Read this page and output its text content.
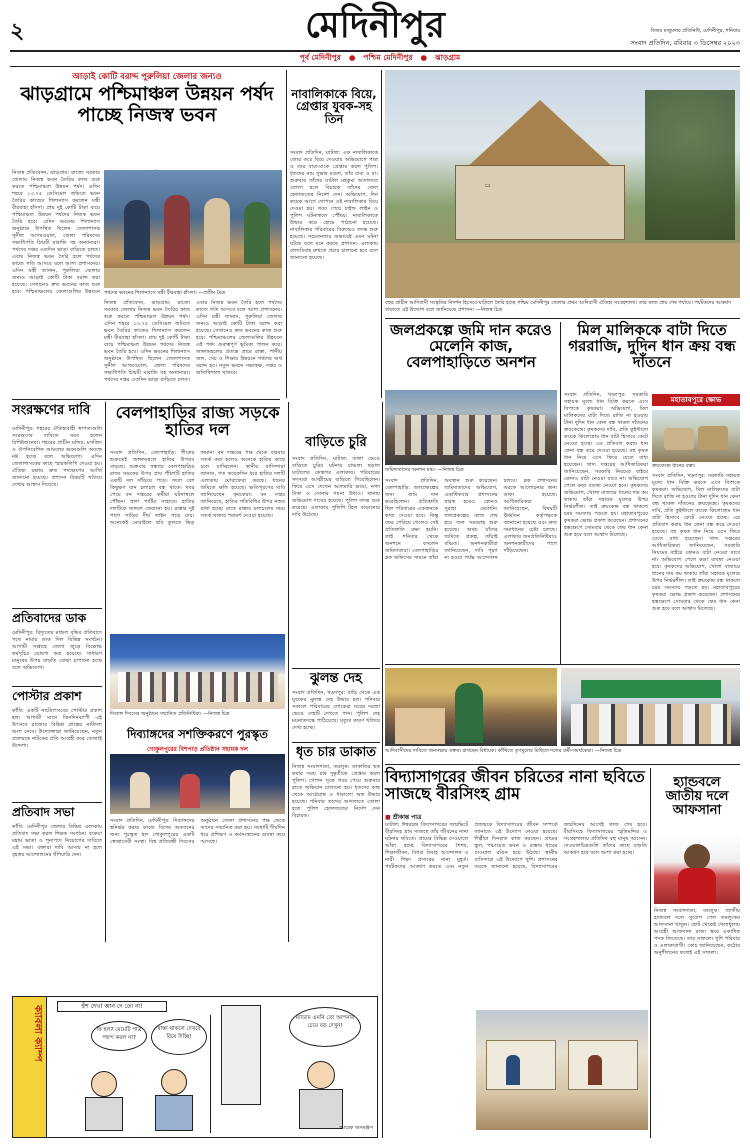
২	মেদিনীপুর	বিজয় মজুমদার প্রতিনিধি, মেদিনীপুর, শনিবার
সংবাদ প্রতিদিন, রবিবার ৩ ডিসেম্বর ২০২৩
পূর্ব মেদিনীপুর ● পশ্চিম মেদিনীপুর ● ঝাড়গ্রাম
আড়াই কোটি বরাদ্দ পুরুলিয়া জেলার জন্যও
ঝাড়গ্রামে পশ্চিমাঞ্চল উন্নয়ন পর্ষদ পাচ্ছে নিজস্ব ভবন
নিজস্ব প্রতিবেদন, ঝাড়গ্রাম: রাজ্যে সরকার জেলায় নিজস্ব ভবন তৈরির কাজ শুরু করতে পশ্চিমাঞ্চল উন্নয়ন পর্ষদ। এদিন শহরে ১৩.৭৫ ডেসিমেল জমিতে ভবন তৈরির কাজের শিলান্যাস করলেন মন্ত্রী বীরবাহা হাঁসদা। প্রায় দুই কোটি টাকা ব্যয়ে পশ্চিমাঞ্চল উন্নয়ন পর্ষদের নিজস্ব ভবন তৈরি হবে। এদিন ভবনের শিলান্যাস অনুষ্ঠানে উপস্থিত ছিলেন জেলাশাসক সুনীল আগরওয়াল, জেলা পরিষদের সভাধিপতি চিন্ময়ী মারান্ডি সহ অন্যান্যরা। পর্ষদের দপ্তর এতদিন ভাড়া বাড়িতে চলত। এবার নিজস্ব ভবন তৈরি হলে পর্ষদের কাজে গতি আসবে বলে আশা প্রশাসনের। এদিন মন্ত্রী জানান, পুরুলিয়া জেলার জন্যও আড়াই কোটি টাকা বরাদ্দ করা হয়েছে। সেখানেও দ্রুত ভবনের কাজ শুরু হবে। পশ্চিমাঞ্চলের জেলাগুলির উন্নয়নে পর্ষদের ভবনের শিলান্যাসে মন্ত্রী বীরবাহা হাঁসদা। —প্রতীম মৈত্র
নিজস্ব প্রতিবেদন, ঝাড়গ্রাম: রাজ্যে সরকার জেলায় নিজস্ব ভবন তৈরির কাজ শুরু করতে পশ্চিমাঞ্চল উন্নয়ন পর্ষদ। এদিন শহরে ১৩.৭৫ ডেসিমেল জমিতে ভবন তৈরির কাজের শিলান্যাস করলেন মন্ত্রী বীরবাহা হাঁসদা। প্রায় দুই কোটি টাকা ব্যয়ে পশ্চিমাঞ্চল উন্নয়ন পর্ষদের নিজস্ব ভবন তৈরি হবে। এদিন ভবনের শিলান্যাস অনুষ্ঠানে উপস্থিত ছিলেন জেলাশাসক সুনীল আগরওয়াল, জেলা পরিষদের সভাধিপতি চিন্ময়ী মারান্ডি সহ অন্যান্যরা। পর্ষদের দপ্তর এতদিন ভাড়া বাড়িতে চলত। এবার নিজস্ব ভবন তৈরি হলে পর্ষদের কাজে গতি আসবে বলে আশা প্রশাসনের। এদিন মন্ত্রী জানান, পুরুলিয়া জেলার জন্যও আড়াই কোটি টাকা বরাদ্দ করা হয়েছে। সেখানেও দ্রুত ভবনের কাজ শুরু হবে। পশ্চিমাঞ্চলের জেলাগুলির উন্নয়নে এই পর্ষদ গুরুত্বপূর্ণ ভূমিকা পালন করে। জঙ্গলমহলের প্রত্যন্ত গ্রামে রাস্তা, পানীয় জল, সেচ ও শিক্ষার উন্নয়নে পর্ষদের অর্থ বরাদ্দ হয়। নতুন ভবনে সভাকক্ষ, দপ্তর ও অতিথিশালা থাকবে।
নাবালিকাকে বিয়ে, গ্রেপ্তার যুবক-সহ তিন
সংবাদ প্রতিদিন, ঘাটাল: এক নাবালিকাকে জোর করে বিয়ে দেওয়ার অভিযোগে পাত্র ও তার বাবা-মাকে গ্রেপ্তার করল পুলিশ। ধৃতদের নাম সুভাষ মণ্ডল, তাঁর বাবা ও মা। শুক্রবার তাঁদের ঘাটাল মহকুমা আদালতে তোলা হলে বিচারক তাঁদের জেল হেফাজতের নির্দেশ দেন। অভিযোগ, দিন কয়েক আগে গোপনে ওই নাবালিকার বিয়ে দেওয়া হয়। খবর পেয়ে চাইল্ড লাইন ও পুলিশ ঘটনাস্থলে পৌঁছয়। নাবালিকাকে উদ্ধার করে হোমে পাঠানো হয়েছে। নাবালিকার পরিবারের বিরুদ্ধেও তদন্ত শুরু হয়েছে। সচেতনতার অভাবেই এমন ঘটনা ঘটছে বলে মনে করছে প্রশাসন। এলাকায় বাল্যবিবাহ রুখতে প্রচার চালানো হবে বলে জানানো হয়েছে।
▭
বহুর প্রাচীন আদিবাসী সংস্কৃতির নিদর্শন হিসেবে ঘাটালে তৈরি হচ্ছে পশ্চিম মেদিনীপুর জেলার প্রথম আদিবাসী ঐতিহ্য সংগ্রহশালা। তার কাজ প্রায় শেষ পর্যায়ে। পর্যটকদের আকর্ষণ বাড়াতে এই উদ্যোগ বলে জানিয়েছে প্রশাসন। —নিজস্ব চিত্র
জলপ্রকল্পে জমি দান করেও মেলেনি কাজ, বেলপাহাড়িতে অনশন
জমিদাতাদের অনশন মঞ্চ। —নিজস্ব চিত্র
সংবাদ প্রতিদিন, বেলপাহাড়ি: জলপ্রকল্পের জন্য জমি দান করেছিলেন। প্রতিশ্রুতি ছিল পরিবারের একজনকে কাজ দেওয়া হবে। কিন্তু বছর পেরিয়ে গেলেও সেই প্রতিশ্রুতি রক্ষা হয়নি। তাই শনিবার থেকে অনশনে বসলেন জমিদাতারা। বেলপাহাড়ির ব্লক অফিসের সামনে তাঁরা অবস্থান শুরু করেছেন। জমিদাতাদের অভিযোগ, একাধিকবার প্রশাসনের দ্বারস্থ হয়েও কোনও সুরাহা মেলেনি। জলপ্রকল্পের কাজ শেষ হয়ে জল সরবরাহ শুরু হয়েছে। অথচ যাঁদের জমিতে প্রকল্প, তাঁরাই বঞ্চিত। অনশনকারীরা জানিয়েছেন, দাবি পূরণ না হওয়া পর্যন্ত আন্দোলন চলবে। ব্লক প্রশাসনের তরফে আলোচনার জন্য ডাকা হয়েছে। আধিকারিকরা জানিয়েছেন, বিষয়টি ঊর্ধ্বতন কর্তৃপক্ষকে জানানো হয়েছে এবং দ্রুত সমাধানের চেষ্টা চলছে। এলাকার জনপ্রতিনিধিরাও অনশনকারীদের পাশে দাঁড়িয়েছেন।
মিল মালিককে বাটা দিতে গররাজি, দুদিন ধান ক্রয় বন্ধ দাঁতনে
সংবাদ প্রতিদিন, খড়্গপুর: সরকারি সহায়ক মূল্যে ধান বিক্রি করতে এসে বিপাকে কৃষকরা। অভিযোগ, মিল মালিকদের বাটা দিতে রাজি না হওয়ায় টানা দুদিন ধান কেনা বন্ধ থাকল দাঁতনের ক্রয়কেন্দ্রে। কৃষকদের দাবি, প্রতি কুইন্টালে কয়েক কিলোগ্রাম ধান বাটা হিসাবে কেটে নেওয়া হচ্ছে। এর প্রতিবাদ করায় ধান কেনা বন্ধ করে দেওয়া হয়েছে। বহু কৃষক ধান নিয়ে এসে ফিরে যেতে বাধ্য হয়েছেন। খাদ্য দপ্তরের আধিকারিকরা জানিয়েছেন, সরকারি নিয়মের বাইরে কোনও বাটা নেওয়া যাবে না। অভিযোগ পেলে কড়া ব্যবস্থা নেওয়া হবে। কৃষকদের অভিযোগ, খোলা বাজারে ধানের দাম কম থাকায় তাঁরা সহায়ক মূল্যের উপর নির্ভরশীল। তাই ক্রয়কেন্দ্র বন্ধ থাকলে চরম সমস্যায় পড়তে হয়। মহাতাবপুরের কৃষকরা ক্ষোভ প্রকাশ করেছেন। প্রশাসনের হস্তক্ষেপে সোমবার থেকে ফের ধান কেনা শুরু হবে বলে আশ্বাস মিলেছে।
মহাতাবপুরে ক্ষোভ
ক্রয়কেন্দ্রে ধানের বস্তা।
সংবাদ প্রতিদিন, খড়্গপুর: সরকারি সহায়ক মূল্যে ধান বিক্রি করতে এসে বিপাকে কৃষকরা। অভিযোগ, মিল মালিকদের বাটা দিতে রাজি না হওয়ায় টানা দুদিন ধান কেনা বন্ধ থাকল দাঁতনের ক্রয়কেন্দ্রে। কৃষকদের দাবি, প্রতি কুইন্টালে কয়েক কিলোগ্রাম ধান বাটা হিসাবে কেটে নেওয়া হচ্ছে। এর প্রতিবাদ করায় ধান কেনা বন্ধ করে দেওয়া হয়েছে। বহু কৃষক ধান নিয়ে এসে ফিরে যেতে বাধ্য হয়েছেন। খাদ্য দপ্তরের আধিকারিকরা জানিয়েছেন, সরকারি নিয়মের বাইরে কোনও বাটা নেওয়া যাবে না। অভিযোগ পেলে কড়া ব্যবস্থা নেওয়া হবে। কৃষকদের অভিযোগ, খোলা বাজারে ধানের দাম কম থাকায় তাঁরা সহায়ক মূল্যের উপর নির্ভরশীল। তাই ক্রয়কেন্দ্র বন্ধ থাকলে চরম সমস্যায় পড়তে হয়। মহাতাবপুরের কৃষকরা ক্ষোভ প্রকাশ করেছেন। প্রশাসনের হস্তক্ষেপে সোমবার থেকে ফের ধান কেনা শুরু হবে বলে আশ্বাস মিলেছে।
সংরক্ষণের দাবি
মেদিনীপুর: শহরের ঐতিহ্যবাহী স্থাপত্যগুলি সংরক্ষণের দাবিতে সরব হলেন বিশিষ্টজনেরা। শহরের প্রাচীন মন্দির, মসজিদ ও ঔপনিবেশিক আমলের ভবনগুলি অযত্নে নষ্ট হচ্ছে বলে অভিযোগ। এদিন জেলাশাসকের কাছে স্মারকলিপি দেওয়া হয়। ঐতিহ্য রক্ষায় দ্রুত পদক্ষেপের আর্জি জানানো হয়েছে। প্রশাসন বিষয়টি খতিয়ে দেখার আশ্বাস দিয়েছে।
বেলপাহাড়ির রাজ্য সড়কে হাতির দল
সংবাদ প্রতিদিন, বেলপাহাড়ি: শীতের শুরুতেই জঙ্গলমহলে হাতির উপদ্রব বাড়ছে। শুক্রবার সন্ধ্যায় বেলপাহাড়ির রাজ্য সড়কের উপর প্রায় পঁচিশটি হাতির একটি দল দাঁড়িয়ে পড়ে। ফলে বেশ কিছুক্ষণ যান চলাচল বন্ধ থাকে। খবর পেয়ে বন দপ্তরের কর্মীরা ঘটনাস্থলে পৌঁছন। হুলা পার্টির সাহায্যে হাতির দলটিকে জঙ্গলে ফেরানো হয়। রাস্তার দুই পাশে গাড়ির দীর্ঘ লাইন পড়ে যায়। অনেকেই মোবাইলে ছবি তুলতে ভিড় জমান। বন দপ্তরের পক্ষ থেকে বারবার সতর্ক করা হলেও অনেকে হাতির কাছে চলে যাচ্ছিলেন। স্থানীয় বাসিন্দারা জানান, গত কয়েকদিন ধরে হাতির দলটি এলাকায় ঘোরাফেরা করছে। ধানের জমিতে ক্ষতি হয়েছে। ক্ষতিপূরণের দাবি জানিয়েছেন কৃষকেরা। বন দপ্তর জানিয়েছে, হাতির গতিবিধির উপর নজর রাখা হচ্ছে। রাতে রাস্তায় চলাচলের সময় সতর্ক থাকার পরামর্শ দেওয়া হয়েছে।
বাড়িতে চুরি
সংবাদ প্রতিদিন, ঘাটাল: তালা ভেঙে বাড়িতে চুরির ঘটনায় চাঞ্চল্য ছড়াল ঘাটালের কোন্নগর এলাকায়। পরিবারের সদস্যরা আত্মীয়ের বাড়িতে গিয়েছিলেন। ফিরে এসে দেখেন আলমারি ভাঙা, নগদ টাকা ও সোনার গয়না উধাও। থানায় অভিযোগ দায়ের হয়েছে। পুলিশ তদন্ত শুরু করেছে। এলাকায় পুলিশি টহল বাড়ানোর দাবি উঠেছে।
ঝুলন্ত দেহ
সংবাদ প্রতিদিন, খড়্গপুর: বাড়ি থেকে এক যুবকের ঝুলন্ত দেহ উদ্ধার হল। শনিবার সকালে পরিবারের লোকেরা ঘরের দরজা ভেঙে দেহটি দেখতে পান। পুলিশ দেহ ময়নাতদন্তে পাঠিয়েছে। মৃত্যুর কারণ খতিয়ে দেখা হচ্ছে।
ধৃত চার ডাকাত
নিজস্ব সংবাদদাতা, তমলুক: ডাকাতির ছক কষার সময় চার দুষ্কৃতীকে গ্রেপ্তার করল পুলিশ। গোপন সূত্রে খবর পেয়ে শুক্রবার রাতে অভিযান চালানো হয়। ধৃতদের কাছ থেকে আগ্নেয়াস্ত্র ও ধারালো অস্ত্র উদ্ধার হয়েছে। শনিবার তাদের আদালতে তোলা হলে পুলিশ হেফাজতের নির্দেশ দেন বিচারক।
প্রতিবাদের ডাক
মেদিনীপুর: বিদ্যুতের মাশুল বৃদ্ধির প্রতিবাদে পথে নামার ডাক দিল বিভিন্ন সংগঠন। আগামী সপ্তাহে জেলা জুড়ে বিক্ষোভ কর্মসূচির ঘোষণা করা হয়েছে। সাধারণ মানুষের উপর বাড়তি বোঝা চাপানো হচ্ছে বলে অভিযোগ।
দিব্যাঙ্গ দিবসের অনুষ্ঠানে সম্মানিত প্রতিনিধিরা। —নিজস্ব চিত্র
দিব্যাঙ্গদের সশক্তিকরণে পুরস্কৃত
গোকুলপুরের বিশপাড় প্রতিষ্ঠান সহায়ক দল
সংবাদ প্রতিদিন, মেদিনীপুর: দিব্যাঙ্গদের স্বনির্ভর করার কাজে বিশেষ অবদানের জন্য পুরস্কৃত হল গোকুলপুরের একটি স্বেচ্ছাসেবী সংস্থা। বিশ্ব প্রতিবন্ধী দিবসের অনুষ্ঠানে জেলা প্রশাসনের পক্ষ থেকে তাদের সম্মানিত করা হয়। সংস্থাটি দীর্ঘদিন ধরে প্রশিক্ষণ ও কর্মসংস্থানের ব্যবস্থা করে আসছে।
পোস্টার প্রকাশ
কাঁথি: একটি নাট্যোৎসবের পোস্টার প্রকাশ হল। আগামী মাসে তিনদিনব্যাপী এই উৎসবে রাজ্যের বিভিন্ন প্রান্তের নাট্যদল অংশ নেবে। উদ্যোক্তারা জানিয়েছেন, নতুন প্রজন্মকে নাটকের প্রতি আগ্রহী করে তোলাই উদ্দেশ্য।
প্রতিবাদ সভা
কাঁথি: মেদিনীপুর জেলার বিভিন্ন এলাকায় প্রতিবাদ সভা করল শিক্ষক সংগঠন। বকেয়া মহার্ঘ ভাতা ও শূন্যপদে নিয়োগের দাবিতে এই সভা। বক্তারা দাবি আদায় না হলে বৃহত্তর আন্দোলনের হুঁশিয়ারি দেন।
আদিবাসীদের দাবিতে জনসভায় বক্তব্য রাখছেন বিধায়ক। কাঁথিতে তৃণমূলের মিছিলে দলের কর্মী-সমর্থকেরা। —নিজস্ব চিত্র
বিদ্যাসাগরের জীবন চরিতের নানা ছবিতে সাজছে বীরসিংহ গ্রাম
■ শ্রীকান্ত পাত্র
ঘাটাল: ঈশ্বরচন্দ্র বিদ্যাসাগরের জন্মভিটে বীরসিংহ গ্রাম সাজছে তাঁর জীবনের নানা ঘটনার ছবিতে। গ্রামের বিভিন্ন দেওয়ালে আঁকা হচ্ছে বিদ্যাসাগরের শৈশব, শিক্ষাজীবন, বিধবা বিবাহ আন্দোলন ও নারী শিক্ষা প্রসারের নানা মুহূর্ত। পর্যটকদের আকর্ষণ করতে এবং নতুন প্রজন্মকে বিদ্যাসাগরের জীবন সম্পর্কে জানাতে এই উদ্যোগ নেওয়া হয়েছে। শিল্পীরা দিনরাত কাজ করছেন। গ্রামের স্কুল, পঞ্চায়েত ভবন ও রাস্তার ধারের দেওয়াল রঙিন হয়ে উঠছে। স্থানীয় বাসিন্দারা এই উদ্যোগে খুশি। প্রশাসনের তরফে জানানো হয়েছে, বিদ্যাসাগরের জন্মদিনের আগেই কাজ শেষ হবে। বীরসিংহে বিদ্যাসাগরের স্মৃতিমন্দির ও সংগ্রহশালায় প্রতিদিন বহু মানুষ আসেন। দেওয়ালচিত্রগুলি তাঁদের কাছে বাড়তি আকর্ষণ হবে বলে আশা করা হচ্ছে।
হ্যান্ডবলে জাতীয় দলে আফসানা
নিজস্ব সংবাদদাতা, তমলুক: জাতীয় হ্যান্ডবল দলে সুযোগ পেল তমলুকের আফসানা খাতুন। ছোট থেকেই খেলাধুলায় আগ্রহী আফসানা রাজ্য স্তরে একাধিক পদক জিতেছে। তার সাফল্যে খুশি পরিবার ও এলাকাবাসী। কোচ জানিয়েছেন, কঠোর অনুশীলনের ফলেই এই সাফল্য।
ক্যাবলা ক্যাম্প	হুঁশ দেখ! আন দে তো না!
কি হল? মেয়েটি পাত্র পছন্দ করল না?
রাস্তা থাকলে দেখবে বিয়ে দিচ্ছি!
ম্যাডাম এমনি তো আপনার চেয়ে বড় দেখুন!
আরেক অসমঞ্জস
